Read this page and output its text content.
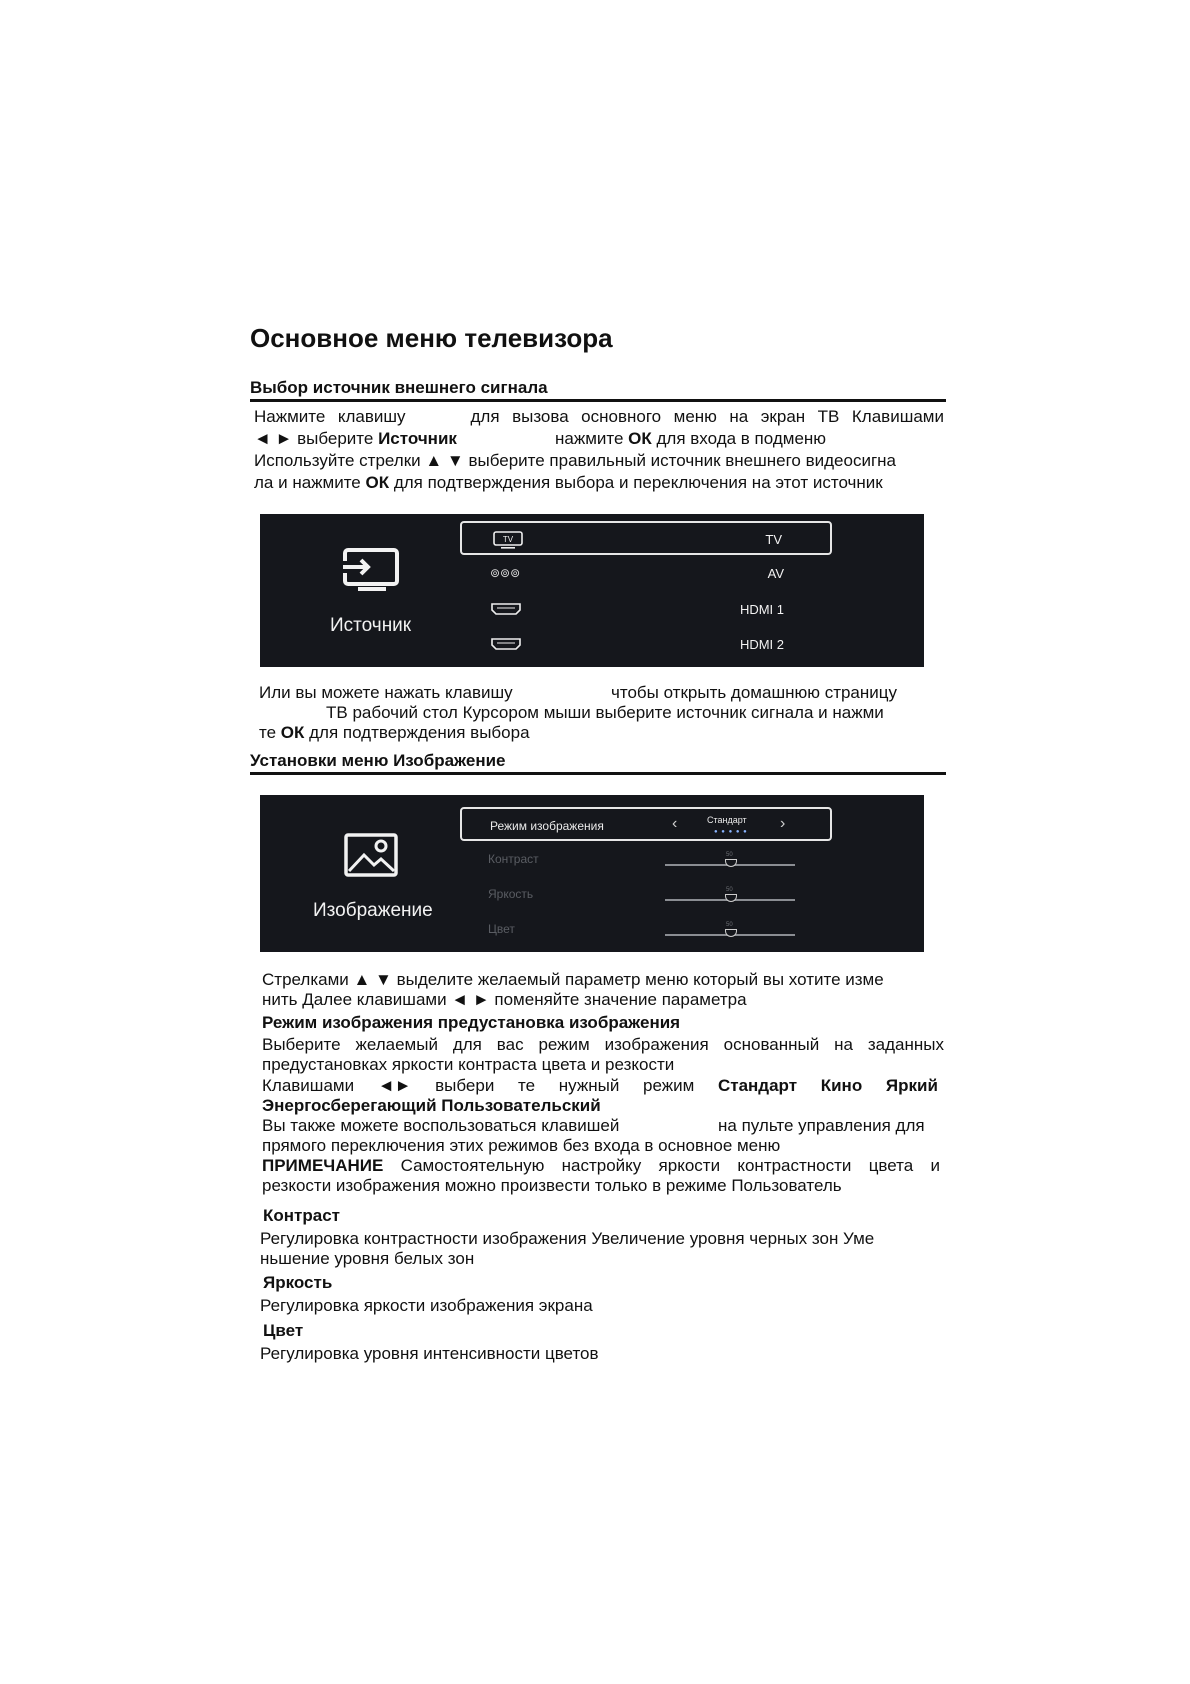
Основное меню телевизора
Выбор источник внешнего сигнала
Нажмите клавишу	для вызова основного меню на экран ТВ Клавишами
◄ ► выберите Источник	нажмите ОК для входа в подменю
Используйте стрелки ▲ ▼ выберите правильный источник внешнего видеосигна
ла и нажмите ОК для подтверждения выбора и переключения на этот источник
Источник
TV	TV
⊚⊚⊚	AV
HDMI 1
HDMI 2
Или вы можете нажать клавишу	чтобы открыть домашнюю страницу
ТВ рабочий стол Курсором мыши выберите источник сигнала и нажми
те ОК для подтверждения выбора
Установки меню Изображение
Изображение
Режим изображения	‹	Стандарт
● ● ● ● ● ›
Контраст	50
Яркость	50
Цвет	50
Стрелками ▲ ▼ выделите желаемый параметр меню который вы хотите изме
нить Далее клавишами ◄ ► поменяйте значение параметра
Режим изображения предустановка изображения
Выберите желаемый для вас режим изображения основанный на заданных
предустановках яркости контраста цвета и резкости
Клавишами ◄► выбери те нужный режим Стандарт Кино Яркий
Энергосберегающий Пользовательский
Вы также можете воспользоваться клавишей	на пульте управления для
прямого переключения этих режимов без входа в основное меню
ПРИМЕЧАНИЕ Самостоятельную настройку яркости контрастности цвета и
резкости изображения можно произвести только в режиме Пользователь
Контраст
Регулировка контрастности изображения Увеличение уровня черных зон Уме
ньшение уровня белых зон
Яркость
Регулировка яркости изображения экрана
Цвет
Регулировка уровня интенсивности цветов
